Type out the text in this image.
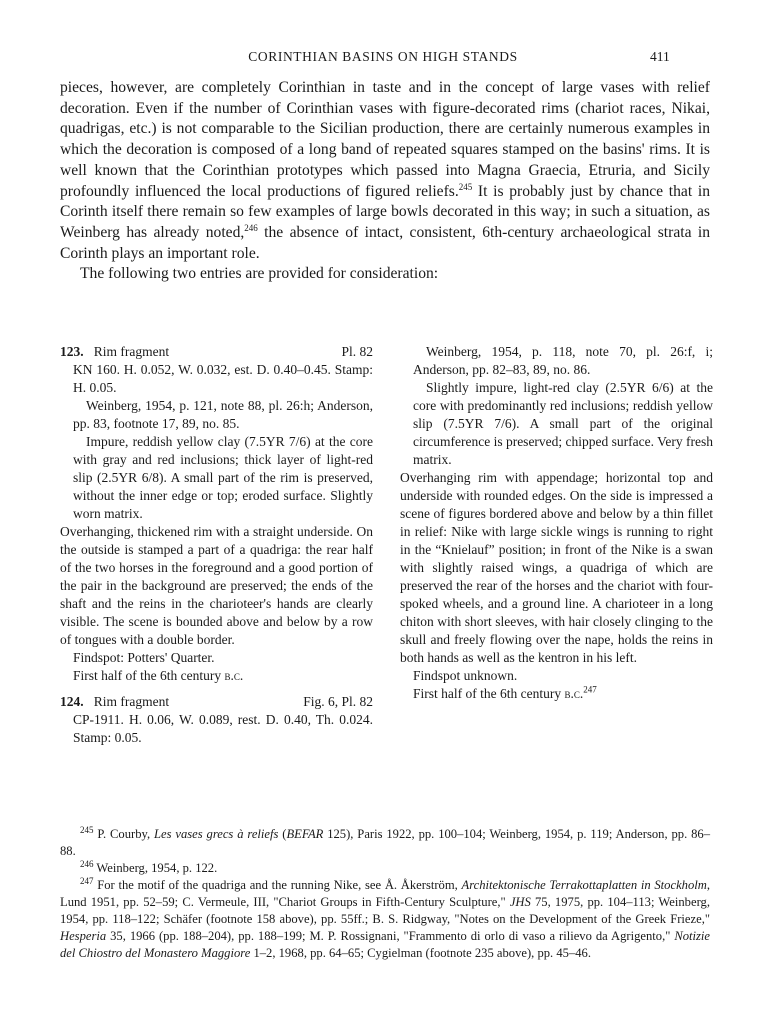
CORINTHIAN BASINS ON HIGH STANDS	411

pieces, however, are completely Corinthian in taste and in the concept of large vases with relief decoration. Even if the number of Corinthian vases with figure-decorated rims (chariot races, Nikai, quadrigas, etc.) is not comparable to the Sicilian production, there are certainly numerous examples in which the decoration is composed of a long band of repeated squares stamped on the basins' rims. It is well known that the Corinthian prototypes which passed into Magna Graecia, Etruria, and Sicily profoundly influenced the local productions of figured reliefs.$^{245}$ It is probably just by chance that in Corinth itself there remain so few examples of large bowls decorated in this way; in such a situation, as Weinberg has already noted,$^{246}$ the absence of intact, consistent, 6th-century archaeological strata in Corinth plays an important role.

The following two entries are provided for consideration:

123. Rim fragment	Pl. 82

KN 160. H. 0.052, W. 0.032, est. D. 0.40–0.45. Stamp: H. 0.05.

Weinberg, 1954, p. 121, note 88, pl. 26:h; Anderson, pp. 83, footnote 17, 89, no. 85.

Impure, reddish yellow clay (7.5YR 7/6) at the core with gray and red inclusions; thick layer of light-red slip (2.5YR 6/8). A small part of the rim is preserved, without the inner edge or top; eroded surface. Slightly worn matrix.

Overhanging, thickened rim with a straight underside. On the outside is stamped a part of a quadriga: the rear half of the two horses in the foreground and a good portion of the pair in the background are preserved; the ends of the shaft and the reins in the charioteer's hands are clearly visible. The scene is bounded above and below by a row of tongues with a double border.

Findspot: Potters' Quarter.

First half of the 6th century b.c.

124. Rim fragment	Fig. 6, Pl. 82

CP-1911. H. 0.06, W. 0.089, rest. D. 0.40, Th. 0.024. Stamp: 0.05.

Weinberg, 1954, p. 118, note 70, pl. 26:f, i; Anderson, pp. 82–83, 89, no. 86.

Slightly impure, light-red clay (2.5YR 6/6) at the core with predominantly red inclusions; reddish yellow slip (7.5YR 7/6). A small part of the original circumference is preserved; chipped surface. Very fresh matrix.

Overhanging rim with appendage; horizontal top and underside with rounded edges. On the side is impressed a scene of figures bordered above and below by a thin fillet in relief: Nike with large sickle wings is running to right in the “Knielauf” position; in front of the Nike is a swan with slightly raised wings, a quadriga of which are preserved the rear of the horses and the chariot with four-spoked wheels, and a ground line. A charioteer in a long chiton with short sleeves, with hair closely clinging to the skull and freely flowing over the nape, holds the reins in both hands as well as the kentron in his left.

Findspot unknown.

First half of the 6th century b.c.$^{247}$

$^{245}$ P. Courby, Les vases grecs à reliefs (BEFAR 125), Paris 1922, pp. 100–104; Weinberg, 1954, p. 119; Anderson, pp. 86–88.

$^{246}$ Weinberg, 1954, p. 122.

$^{247}$ For the motif of the quadriga and the running Nike, see Å. Åkerström, Architektonische Terrakottaplatten in Stockholm, Lund 1951, pp. 52–59; C. Vermeule, III, "Chariot Groups in Fifth-Century Sculpture," JHS 75, 1975, pp. 104–113; Weinberg, 1954, pp. 118–122; Schäfer (footnote 158 above), pp. 55ff.; B. S. Ridgway, "Notes on the Development of the Greek Frieze," Hesperia 35, 1966 (pp. 188–204), pp. 188–199; M. P. Rossignani, "Frammento di orlo di vaso a rilievo da Agrigento," Notizie del Chiostro del Monastero Maggiore 1–2, 1968, pp. 64–65; Cygielman (footnote 235 above), pp. 45–46.
